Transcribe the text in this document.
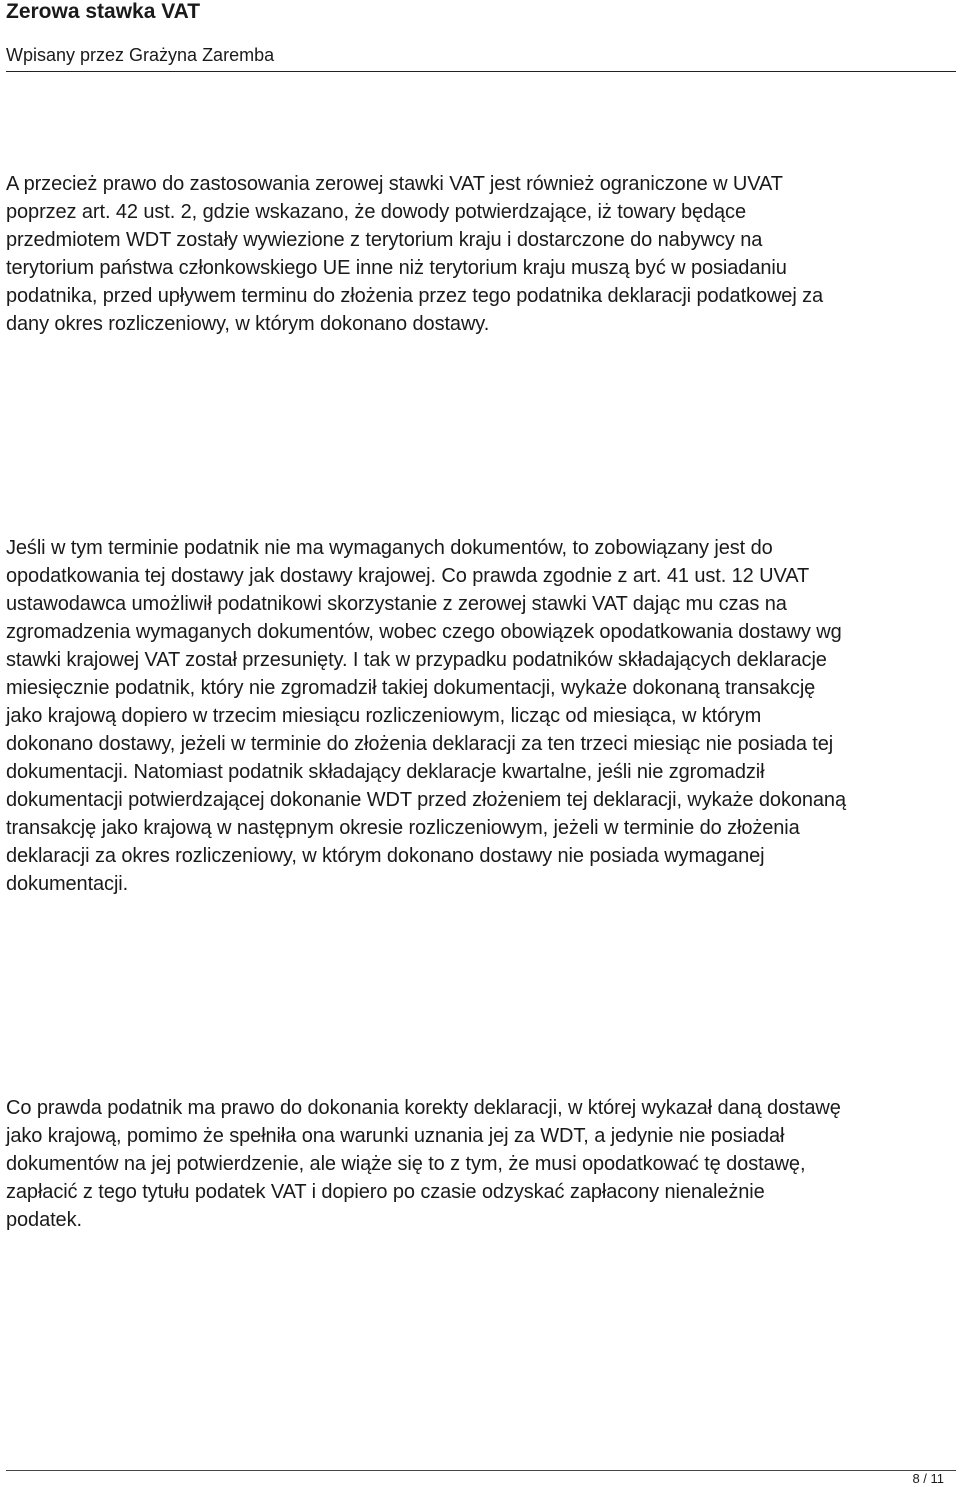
Zerowa stawka VAT
Wpisany przez Grażyna Zaremba

A przecież prawo do zastosowania zerowej stawki VAT jest również ograniczone w UVAT
poprzez art. 42 ust. 2, gdzie wskazano, że dowody potwierdzające, iż towary będące
przedmiotem WDT zostały wywiezione z terytorium kraju i dostarczone do nabywcy na
terytorium państwa członkowskiego UE inne niż terytorium kraju muszą być w posiadaniu
podatnika, przed upływem terminu do złożenia przez tego podatnika deklaracji podatkowej za
dany okres rozliczeniowy, w którym dokonano dostawy.

Jeśli w tym terminie podatnik nie ma wymaganych dokumentów, to zobowiązany jest do
opodatkowania tej dostawy jak dostawy krajowej. Co prawda zgodnie z art. 41 ust. 12 UVAT
ustawodawca umożliwił podatnikowi skorzystanie z zerowej stawki VAT dając mu czas na
zgromadzenia wymaganych dokumentów, wobec czego obowiązek opodatkowania dostawy wg
stawki krajowej VAT został przesunięty. I tak w przypadku podatników składających deklaracje
miesięcznie podatnik, który nie zgromadził takiej dokumentacji, wykaże dokonaną transakcję
jako krajową dopiero w trzecim miesiącu rozliczeniowym, licząc od miesiąca, w którym
dokonano dostawy, jeżeli w terminie do złożenia deklaracji za ten trzeci miesiąc nie posiada tej
dokumentacji. Natomiast podatnik składający deklaracje kwartalne, jeśli nie zgromadził
dokumentacji potwierdzającej dokonanie WDT przed złożeniem tej deklaracji, wykaże dokonaną
transakcję jako krajową w następnym okresie rozliczeniowym, jeżeli w terminie do złożenia
deklaracji za okres rozliczeniowy, w którym dokonano dostawy nie posiada wymaganej
dokumentacji.

Co prawda podatnik ma prawo do dokonania korekty deklaracji, w której wykazał daną dostawę
jako krajową, pomimo że spełniła ona warunki uznania jej za WDT, a jedynie nie posiadał
dokumentów na jej potwierdzenie, ale wiąże się to z tym, że musi opodatkować tę dostawę,
zapłacić z tego tytułu podatek VAT i dopiero po czasie odzyskać zapłacony nienależnie
podatek.

8 / 11
